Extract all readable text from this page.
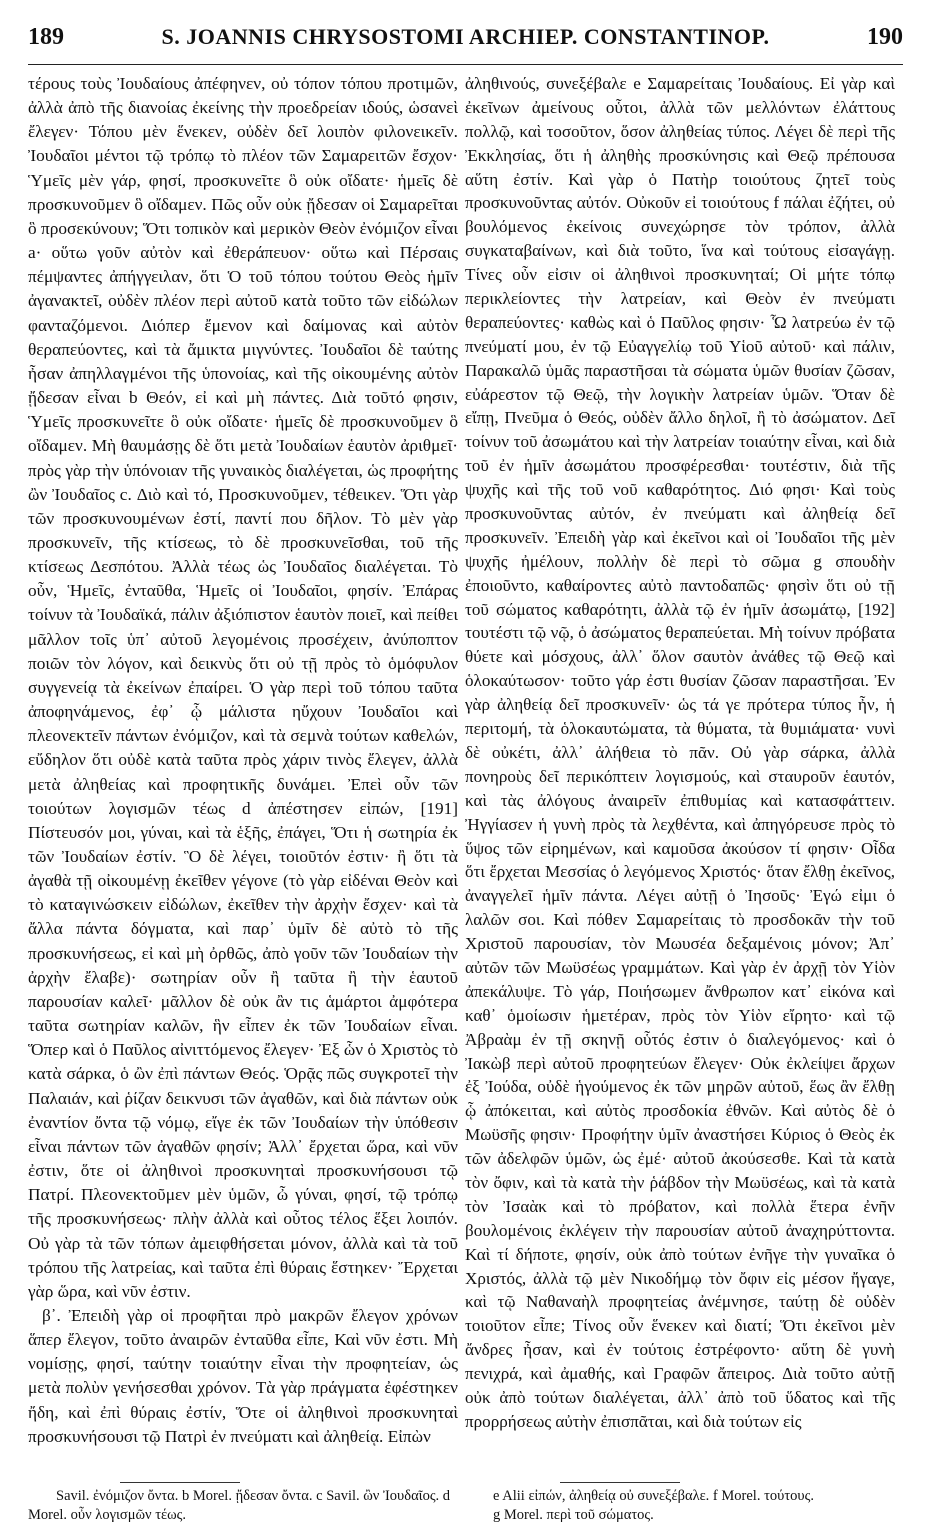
189	S. JOANNIS CHRYSOSTOMI ARCHIEP. CONSTANTINOP.	190

τέρους τοὺς Ἰουδαίους ἀπέφηνεν, οὐ τόπον τόπου προτιμῶν, ἀλλὰ ἀπὸ τῆς διανοίας ἐκείνης τὴν προεδρείαν ιδούς, ὡσανεὶ ἔλεγεν· Τόπου μὲν ἕνεκεν, οὐδὲν δεῖ λοιπὸν φιλονεικεῖν. Ἰουδαῖοι μέντοι τῷ τρόπῳ τὸ πλέον τῶν Σαμαρειτῶν ἔσχον· Ὑμεῖς μὲν γάρ, φησί, προσκυνεῖτε ὃ οὐκ οἴδατε· ἡμεῖς δὲ προσκυνοῦμεν ὃ οἴδαμεν. Πῶς οὖν οὐκ ᾔδεσαν οἱ Σαμαρεῖται ὃ προσεκύνουν; Ὅτι τοπικὸν καὶ μερικὸν Θεὸν ἐνόμιζον εἶναι a· οὕτω γοῦν αὐτὸν καὶ ἐθεράπευον· οὕτω καὶ Πέρσαις πέμψαντες ἀπήγγειλαν, ὅτι Ὁ τοῦ τόπου τούτου Θεὸς ἡμῖν ἀγανακτεῖ, οὐδὲν πλέον περὶ αὐτοῦ κατὰ τοῦτο τῶν εἰδώλων φανταζόμενοι. Διόπερ ἔμενον καὶ δαίμονας καὶ αὐτὸν θεραπεύοντες, καὶ τὰ ἄμικτα μιγνύντες. Ἰουδαῖοι δὲ ταύτης ἦσαν ἀπηλλαγμένοι τῆς ὑπονοίας, καὶ τῆς οἰκουμένης αὐτὸν ᾔδεσαν εἶναι b Θεόν, εἰ καὶ μὴ πάντες. Διὰ τοῦτό φησιν, Ὑμεῖς προσκυνεῖτε ὃ οὐκ οἴδατε· ἡμεῖς δὲ προσκυνοῦμεν ὃ οἴδαμεν. Μὴ θαυμάσῃς δὲ ὅτι μετὰ Ἰουδαίων ἑαυτὸν ἀριθμεῖ· πρὸς γὰρ τὴν ὑπόνοιαν τῆς γυναικὸς διαλέγεται, ὡς προφήτης ὢν Ἰουδαῖος c. Διὸ καὶ τό, Προσκυνοῦμεν, τέθεικεν. Ὅτι γὰρ τῶν προσκυνουμένων ἐστί, παντί που δῆλον. Τὸ μὲν γὰρ προσκυνεῖν, τῆς κτίσεως, τὸ δὲ προσκυνεῖσθαι, τοῦ τῆς κτίσεως Δεσπότου. Ἀλλὰ τέως ὡς Ἰουδαῖος διαλέγεται. Τὸ οὖν, Ἡμεῖς, ἐνταῦθα, Ἡμεῖς οἱ Ἰουδαῖοι, φησίν. Ἐπάρας τοίνυν τὰ Ἰουδαϊκά, πάλιν ἀξιόπιστον ἑαυτὸν ποιεῖ, καὶ πείθει μᾶλλον τοῖς ὑπ᾽ αὐτοῦ λεγομένοις προσέχειν, ἀνύποπτον ποιῶν τὸν λόγον, καὶ δεικνὺς ὅτι οὐ τῇ πρὸς τὸ ὁμόφυλον συγγενείᾳ τὰ ἐκείνων ἐπαίρει. Ὁ γὰρ περὶ τοῦ τόπου ταῦτα ἀποφηνάμενος, ἐφ᾽ ᾧ μάλιστα ηὔχουν Ἰουδαῖοι καὶ πλεονεκτεῖν πάντων ἐνόμιζον, καὶ τὰ σεμνὰ τούτων καθελών, εὔδηλον ὅτι οὐδὲ κατὰ ταῦτα πρὸς χάριν τινὸς ἔλεγεν, ἀλλὰ μετὰ ἀληθείας καὶ προφητικῆς δυνάμει. Ἐπεὶ οὖν τῶν τοιούτων λογισμῶν τέως d ἀπέστησεν εἰπών, [191] Πίστευσόν μοι, γύναι, καὶ τὰ ἑξῆς, ἐπάγει, Ὅτι ἡ σωτηρία ἐκ τῶν Ἰουδαίων ἐστίν. Ὃ δὲ λέγει, τοιοῦτόν ἐστιν· ἢ ὅτι τὰ ἀγαθὰ τῇ οἰκουμένῃ ἐκεῖθεν γέγονε (τὸ γὰρ εἰδέναι Θεὸν καὶ τὸ καταγινώσκειν εἰδώλων, ἐκεῖθεν τὴν ἀρχὴν ἔσχεν· καὶ τὰ ἄλλα πάντα δόγματα, καὶ παρ᾽ ὑμῖν δὲ αὐτὸ τὸ τῆς προσκυνήσεως, εἰ καὶ μὴ ὀρθῶς, ἀπὸ γοῦν τῶν Ἰουδαίων τὴν ἀρχὴν ἔλαβε)· σωτηρίαν οὖν ἢ ταῦτα ἢ τὴν ἑαυτοῦ παρουσίαν καλεῖ· μᾶλλον δὲ οὐκ ἂν τις ἁμάρτοι ἀμφότερα ταῦτα σωτηρίαν καλῶν, ἣν εἶπεν ἐκ τῶν Ἰουδαίων εἶναι. Ὅπερ καὶ ὁ Παῦλος αἰνιττόμενος ἔλεγεν· Ἐξ ὧν ὁ Χριστὸς τὸ κατὰ σάρκα, ὁ ὢν ἐπὶ πάντων Θεός. Ὁρᾷς πῶς συγκροτεῖ τὴν Παλαιάν, καὶ ῥίζαν δεικνυσι τῶν ἀγαθῶν, καὶ διὰ πάντων οὐκ ἐναντίον ὄντα τῷ νόμῳ, εἴγε ἐκ τῶν Ἰουδαίων τὴν ὑπόθεσιν εἶναι πάντων τῶν ἀγαθῶν φησίν; Ἀλλ᾽ ἔρχεται ὥρα, καὶ νῦν ἐστιν, ὅτε οἱ ἀληθινοὶ προσκυνηταὶ προσκυνήσουσι τῷ Πατρί. Πλεονεκτοῦμεν μὲν ὑμῶν, ὦ γύναι, φησί, τῷ τρόπῳ τῆς προσκυνήσεως· πλὴν ἀλλὰ καὶ οὗτος τέλος ἕξει λοιπόν. Οὐ γὰρ τὰ τῶν τόπων ἀμειφθήσεται μόνον, ἀλλὰ καὶ τὰ τοῦ τρόπου τῆς λατρείας, καὶ ταῦτα ἐπὶ θύραις ἕστηκεν· Ἔρχεται γὰρ ὥρα, καὶ νῦν ἐστιν.

β᾽. Ἐπειδὴ γὰρ οἱ προφῆται πρὸ μακρῶν ἔλεγον χρόνων ἅπερ ἔλεγον, τοῦτο ἀναιρῶν ἐνταῦθα εἶπε, Καὶ νῦν ἐστι. Μὴ νομίσῃς, φησί, ταύτην τοιαύτην εἶναι τὴν προφητείαν, ὡς μετὰ πολὺν γενήσεσθαι χρόνον. Τὰ γὰρ πράγματα ἐφέστηκεν ἤδη, καὶ ἐπὶ θύραις ἐστίν, Ὅτε οἱ ἀληθινοὶ προσκυνηταὶ προσκυνήσουσι τῷ Πατρὶ ἐν πνεύματι καὶ ἀληθείᾳ. Εἰπὼν

ἀληθινούς, συνεξέβαλε e Σαμαρείταις Ἰουδαίους. Εἰ γὰρ καὶ ἐκεῖνων ἀμείνους οὗτοι, ἀλλὰ τῶν μελλόντων ἐλάττους πολλῷ, καὶ τοσοῦτον, ὅσον ἀληθείας τύπος. Λέγει δὲ περὶ τῆς Ἐκκλησίας, ὅτι ἡ ἀληθὴς προσκύνησις καὶ Θεῷ πρέπουσα αὕτη ἐστίν. Καὶ γὰρ ὁ Πατὴρ τοιούτους ζητεῖ τοὺς προσκυνοῦντας αὐτόν. Οὐκοῦν εἰ τοιούτους f πάλαι ἐζήτει, οὐ βουλόμενος ἐκείνοις συνεχώρησε τὸν τρόπον, ἀλλὰ συγκαταβαίνων, καὶ διὰ τοῦτο, ἵνα καὶ τούτους εἰσαγάγῃ. Τίνες οὖν εἰσιν οἱ ἀληθινοὶ προσκυνηταί; Οἱ μήτε τόπῳ περικλείοντες τὴν λατρείαν, καὶ Θεὸν ἐν πνεύματι θεραπεύοντες· καθὼς καὶ ὁ Παῦλος φησιν· Ὧ λατρεύω ἐν τῷ πνεύματί μου, ἐν τῷ Εὐαγγελίῳ τοῦ Υἱοῦ αὐτοῦ· καὶ πάλιν, Παρακαλῶ ὑμᾶς παραστῆσαι τὰ σώματα ὑμῶν θυσίαν ζῶσαν, εὐάρεστον τῷ Θεῷ, τὴν λογικὴν λατρείαν ὑμῶν. Ὅταν δὲ εἴπῃ, Πνεῦμα ὁ Θεός, οὐδὲν ἄλλο δηλοῖ, ἢ τὸ ἀσώματον. Δεῖ τοίνυν τοῦ ἀσωμάτου καὶ τὴν λατρείαν τοιαύτην εἶναι, καὶ διὰ τοῦ ἐν ἡμῖν ἀσωμάτου προσφέρεσθαι· τουτέστιν, διὰ τῆς ψυχῆς καὶ τῆς τοῦ νοῦ καθαρότητος. Διό φησι· Καὶ τοὺς προσκυνοῦντας αὐτόν, ἐν πνεύματι καὶ ἀληθείᾳ δεῖ προσκυνεῖν. Ἐπειδὴ γὰρ καὶ ἐκεῖνοι καὶ οἱ Ἰουδαῖοι τῆς μὲν ψυχῆς ἠμέλουν, πολλὴν δὲ περὶ τὸ σῶμα g σπουδὴν ἐποιοῦντο, καθαίροντες αὐτὸ παντοδαπῶς· φησὶν ὅτι οὐ τῇ τοῦ σώματος καθαρότητι, ἀλλὰ τῷ ἐν ἡμῖν ἀσωμάτῳ, [192] τουτέστι τῷ νῷ, ὁ ἀσώματος θεραπεύεται. Μὴ τοίνυν πρόβατα θύετε καὶ μόσχους, ἀλλ᾽ ὅλον σαυτὸν ἀνάθες τῷ Θεῷ καὶ ὁλοκαύτωσον· τοῦτο γάρ ἐστι θυσίαν ζῶσαν παραστῆσαι. Ἐν γὰρ ἀληθείᾳ δεῖ προσκυνεῖν· ὡς τά γε πρότερα τύπος ἦν, ἡ περιτομή, τὰ ὁλοκαυτώματα, τὰ θύματα, τὰ θυμιάματα· νυνὶ δὲ οὐκέτι, ἀλλ᾽ ἀλήθεια τὸ πᾶν. Οὐ γὰρ σάρκα, ἀλλὰ πονηροὺς δεῖ περικόπτειν λογισμούς, καὶ σταυροῦν ἑαυτόν, καὶ τὰς ἀλόγους ἀναιρεῖν ἐπιθυμίας καὶ κατασφάττειν. Ἠγγίασεν ἡ γυνὴ πρὸς τὰ λεχθέντα, καὶ ἀπηγόρευσε πρὸς τὸ ὕψος τῶν εἰρημένων, καὶ καμοῦσα ἀκούσον τί φησιν· Οἶδα ὅτι ἔρχεται Μεσσίας ὁ λεγόμενος Χριστός· ὅταν ἔλθῃ ἐκεῖνος, ἀναγγελεῖ ἡμῖν πάντα. Λέγει αὐτῇ ὁ Ἰησοῦς· Ἐγώ εἰμι ὁ λαλῶν σοι. Καὶ πόθεν Σαμαρείταις τὸ προσδοκᾶν τὴν τοῦ Χριστοῦ παρουσίαν, τὸν Μωυσέα δεξαμένοις μόνον; Ἀπ᾽ αὐτῶν τῶν Μωϋσέως γραμμάτων. Καὶ γὰρ ἐν ἀρχῇ τὸν Υἱὸν ἀπεκάλυψε. Τὸ γάρ, Ποιήσωμεν ἄνθρωπον κατ᾽ εἰκόνα καὶ καθ᾽ ὁμοίωσιν ἡμετέραν, πρὸς τὸν Υἱὸν εἴρητο· καὶ τῷ Ἀβραὰμ ἐν τῇ σκηνῇ οὗτός ἐστιν ὁ διαλεγόμενος· καὶ ὁ Ἰακὼβ περὶ αὐτοῦ προφητεύων ἔλεγεν· Οὐκ ἐκλείψει ἄρχων ἐξ Ἰούδα, οὐδὲ ἡγούμενος ἐκ τῶν μηρῶν αὐτοῦ, ἕως ἂν ἔλθῃ ᾧ ἀπόκειται, καὶ αὐτὸς προσδοκία ἐθνῶν. Καὶ αὐτὸς δὲ ὁ Μωϋσῆς φησιν· Προφήτην ὑμῖν ἀναστήσει Κύριος ὁ Θεὸς ἐκ τῶν ἀδελφῶν ὑμῶν, ὡς ἐμέ· αὐτοῦ ἀκούσεσθε. Καὶ τὰ κατὰ τὸν ὄφιν, καὶ τὰ κατὰ τὴν ῥάβδον τὴν Μωϋσέως, καὶ τὰ κατὰ τὸν Ἰσαὰκ καὶ τὸ πρόβατον, καὶ πολλὰ ἕτερα ἐνῆν βουλομένοις ἐκλέγειν τὴν παρουσίαν αὐτοῦ ἀναχηρύττοντα. Καὶ τί δήποτε, φησίν, οὐκ ἀπὸ τούτων ἐνῆγε τὴν γυναῖκα ὁ Χριστός, ἀλλὰ τῷ μὲν Νικοδήμῳ τὸν ὄφιν εἰς μέσον ἤγαγε, καὶ τῷ Ναθαναὴλ προφητείας ἀνέμνησε, ταύτῃ δὲ οὐδὲν τοιοῦτον εἶπε; Τίνος οὖν ἕνεκεν καὶ διατί; Ὅτι ἐκεῖνοι μὲν ἄνδρες ἦσαν, καὶ ἐν τούτοις ἐστρέφοντο· αὕτη δὲ γυνὴ πενιχρά, καὶ ἀμαθής, καὶ Γραφῶν ἄπειρος. Διὰ τοῦτο αὐτῇ οὐκ ἀπὸ τούτων διαλέγεται, ἀλλ᾽ ἀπὸ τοῦ ὕδατος καὶ τῆς προρρήσεως αὐτὴν ἐπισπᾶται, καὶ διὰ τούτων εἰς

Savil. ἐνόμιζον ὄντα. b Morel. ᾔδεσαν ὄντα. c Savil. ὢν Ἰουδαῖος. d Morel. οὖν λογισμῶν τέως.

e Alii εἰπών, ἀληθείᾳ οὐ συνεξέβαλε. f Morel. τούτους.

g Morel. περὶ τοῦ σώματος.
